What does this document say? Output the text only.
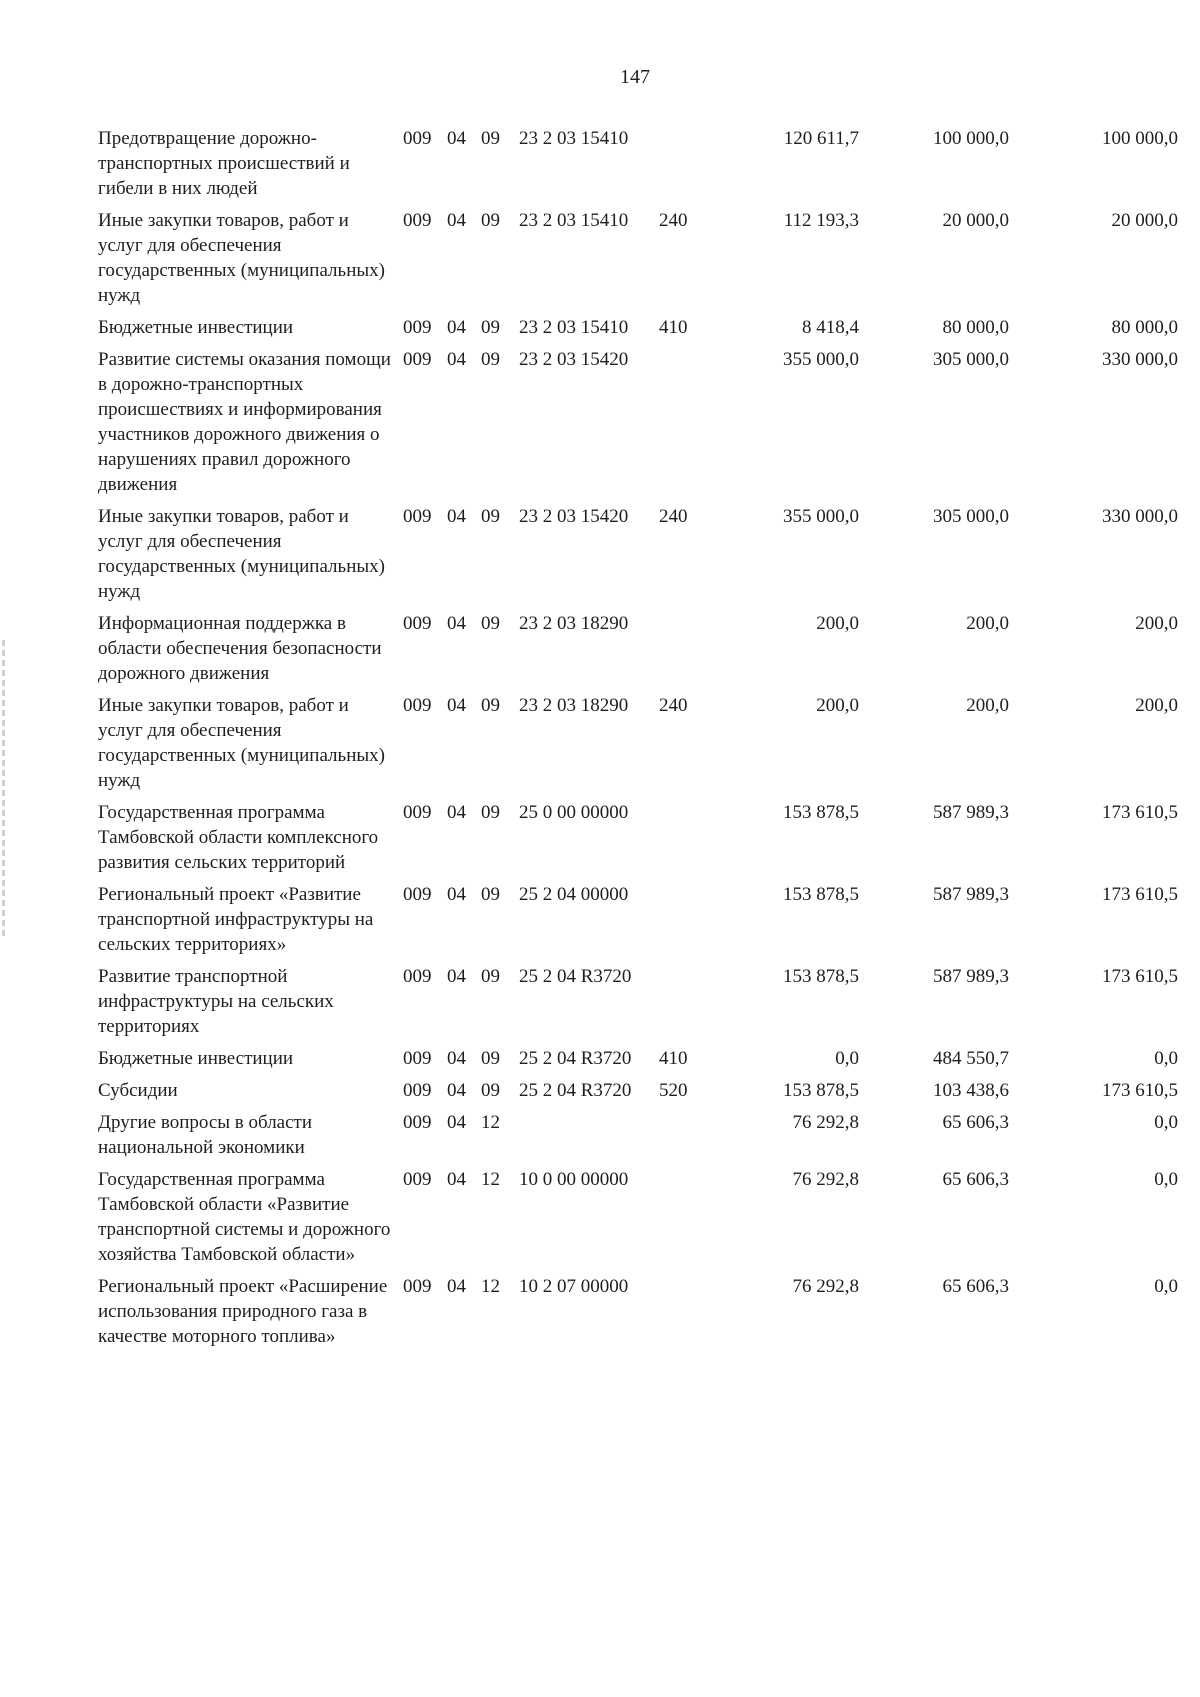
147
Предотвращение дорожно-транспортных происшествий и гибели в них людей	009	04	09	23 2 03 15410		120 611,7	100 000,0	100 000,0
Иные закупки товаров, работ и услуг для обеспечения государственных (муниципальных) нужд	009	04	09	23 2 03 15410	240	112 193,3	20 000,0	20 000,0
Бюджетные инвестиции	009	04	09	23 2 03 15410	410	8 418,4	80 000,0	80 000,0
Развитие системы оказания помощи в дорожно-транспортных происшествиях и информирования участников дорожного движения о нарушениях правил дорожного движения	009	04	09	23 2 03 15420		355 000,0	305 000,0	330 000,0
Иные закупки товаров, работ и услуг для обеспечения государственных (муниципальных) нужд	009	04	09	23 2 03 15420	240	355 000,0	305 000,0	330 000,0
Информационная поддержка в области обеспечения безопасности дорожного движения	009	04	09	23 2 03 18290		200,0	200,0	200,0
Иные закупки товаров, работ и услуг для обеспечения государственных (муниципальных) нужд	009	04	09	23 2 03 18290	240	200,0	200,0	200,0
Государственная программа Тамбовской области комплексного развития сельских территорий	009	04	09	25 0 00 00000		153 878,5	587 989,3	173 610,5
Региональный проект «Развитие транспортной инфраструктуры на сельских территориях»	009	04	09	25 2 04 00000		153 878,5	587 989,3	173 610,5
Развитие транспортной инфраструктуры на сельских территориях	009	04	09	25 2 04 R3720		153 878,5	587 989,3	173 610,5
Бюджетные инвестиции	009	04	09	25 2 04 R3720	410	0,0	484 550,7	0,0
Субсидии	009	04	09	25 2 04 R3720	520	153 878,5	103 438,6	173 610,5
Другие вопросы в области национальной экономики	009	04	12			76 292,8	65 606,3	0,0
Государственная программа Тамбовской области «Развитие транспортной системы и дорожного хозяйства Тамбовской области»	009	04	12	10 0 00 00000		76 292,8	65 606,3	0,0
Региональный проект «Расширение использования природного газа в качестве моторного топлива»	009	04	12	10 2 07 00000		76 292,8	65 606,3	0,0
